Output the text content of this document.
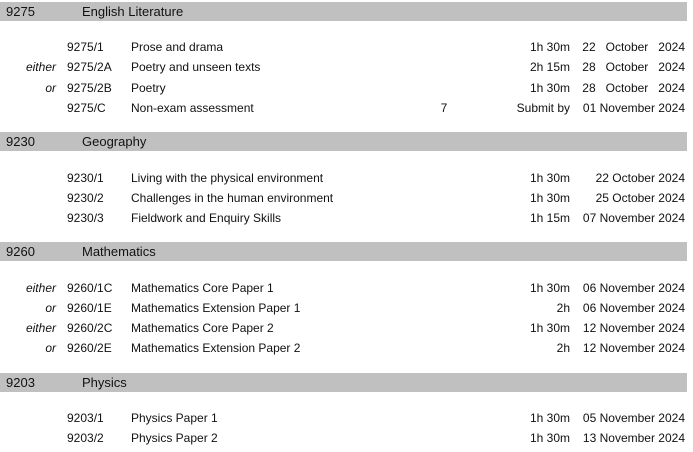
9275	English Literature
9275/1 Prose and drama	1h 30m	22   October   2024
either 9275/2A Poetry and unseen texts	2h 15m	28   October   2024
or 9275/2B Poetry	1h 30m	28   October   2024
9275/C Non-exam assessment	7	Submit by	01 November 2024
9230	Geography
9230/1 Living with the physical environment	1h 30m	22 October 2024
9230/2 Challenges in the human environment	1h 30m	25 October 2024
9230/3 Fieldwork and Enquiry Skills	1h 15m	07 November 2024
9260	Mathematics
either 9260/1C Mathematics Core Paper 1	1h 30m	06 November 2024
or 9260/1E Mathematics Extension Paper 1	2h	06 November 2024
either 9260/2C Mathematics Core Paper 2	1h 30m	12 November 2024
or 9260/2E Mathematics Extension Paper 2	2h	12 November 2024
9203	Physics
9203/1 Physics Paper 1	1h 30m	05 November 2024
9203/2 Physics Paper 2	1h 30m	13 November 2024
